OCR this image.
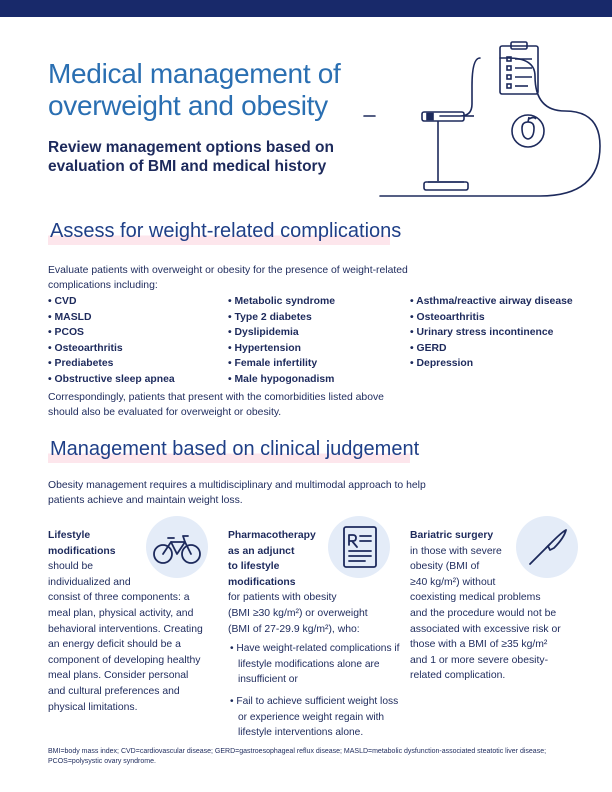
Medical management of overweight and obesity
Review management options based on evaluation of BMI and medical history
Assess for weight-related complications

Evaluate patients with overweight or obesity for the presence of weight-related complications including:

• CVD
• MASLD
• PCOS
• Osteoarthritis
• Prediabetes
• Obstructive sleep apnea
• Metabolic syndrome
• Type 2 diabetes
• Dyslipidemia
• Hypertension
• Female infertility
• Male hypogonadism
• Asthma/reactive airway disease
• Osteoarthritis
• Urinary stress incontinence
• GERD
• Depression

Correspondingly, patients that present with the comorbidities listed above should also be evaluated for overweight or obesity.

Management based on clinical judgement

Obesity management requires a multidisciplinary and multimodal approach to help patients achieve and maintain weight loss.

Lifestyle
modifications
should be
individualized and
consist of three components: a
meal plan, physical activity, and
behavioral interventions. Creating
an energy deficit should be a
component of developing healthy
meal plans. Consider personal
and cultural preferences and
physical limitations.
Pharmacotherapy
as an adjunct
to lifestyle
modifications
for patients with obesity
(BMI ≥30 kg/m²) or overweight
(BMI of 27-29.9 kg/m²), who:
• Have weight-related complications if lifestyle modifications alone are insufficient or
• Fail to achieve sufficient weight loss or experience weight regain with lifestyle interventions alone.
Bariatric surgery
in those with severe
obesity (BMI of
≥40 kg/m²) without
coexisting medical problems
and the procedure would not be
associated with excessive risk or
those with a BMI of ≥35 kg/m²
and 1 or more severe obesity-
related complication.

BMI=body mass index; CVD=cardiovascular disease; GERD=gastroesophageal reflux disease; MASLD=metabolic dysfunction-associated steatotic liver disease; PCOS=polysystic ovary syndrome.
